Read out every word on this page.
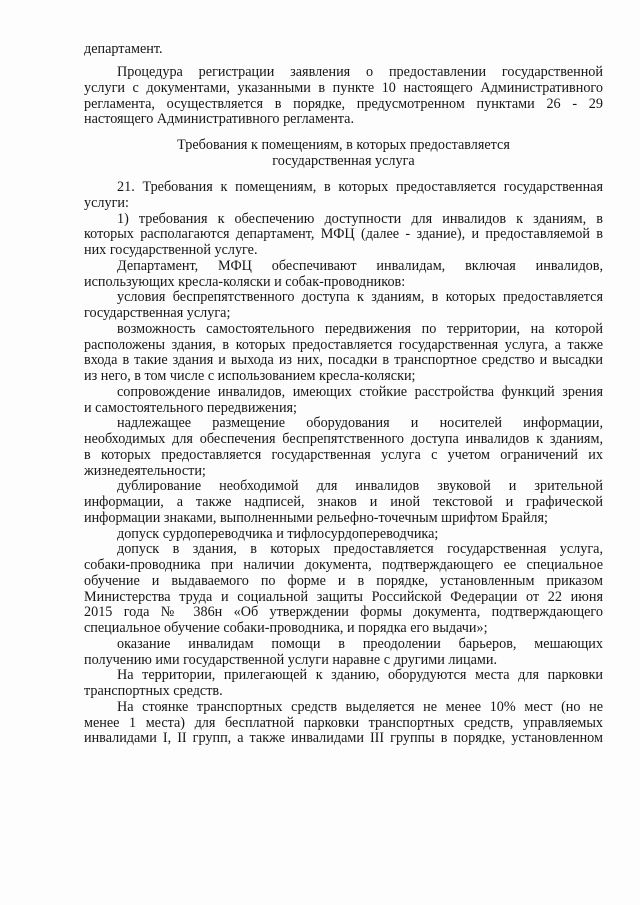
департамент.
Процедура регистрации заявления о предоставлении государственной
услуги с документами, указанными в пункте 10 настоящего Административного
регламента, осуществляется в порядке, предусмотренном пунктами 26 - 29
настоящего Административного регламента.
Требования к помещениям, в которых предоставляется
государственная услуга
21. Требования к помещениям, в которых предоставляется государственная
услуги:
1) требования к обеспечению доступности для инвалидов к зданиям, в
которых располагаются департамент, МФЦ (далее - здание), и предоставляемой в
них государственной услуге.
Департамент, МФЦ обеспечивают инвалидам, включая инвалидов,
использующих кресла-коляски и собак-проводников:
условия беспрепятственного доступа к зданиям, в которых предоставляется
государственная услуга;
возможность самостоятельного передвижения по территории, на которой
расположены здания, в которых предоставляется государственная услуга, а также
входа в такие здания и выхода из них, посадки в транспортное средство и высадки
из него, в том числе с использованием кресла-коляски;
сопровождение инвалидов, имеющих стойкие расстройства функций зрения
и самостоятельного передвижения;
надлежащее размещение оборудования и носителей информации,
необходимых для обеспечения беспрепятственного доступа инвалидов к зданиям,
в которых предоставляется государственная услуга с учетом ограничений их
жизнедеятельности;
дублирование необходимой для инвалидов звуковой и зрительной
информации, а также надписей, знаков и иной текстовой и графической
информации знаками, выполненными рельефно-точечным шрифтом Брайля;
допуск сурдопереводчика и тифлосурдопереводчика;
допуск в здания, в которых предоставляется государственная услуга,
собаки-проводника при наличии документа, подтверждающего ее специальное
обучение и выдаваемого по форме и в порядке, установленным приказом
Министерства труда и социальной защиты Российской Федерации от 22 июня
2015 года № 386н «Об утверждении формы документа, подтверждающего
специальное обучение собаки-проводника, и порядка его выдачи»;
оказание инвалидам помощи в преодолении барьеров, мешающих
получению ими государственной услуги наравне с другими лицами.
На территории, прилегающей к зданию, оборудуются места для парковки
транспортных средств.
На стоянке транспортных средств выделяется не менее 10% мест (но не
менее 1 места) для бесплатной парковки транспортных средств, управляемых
инвалидами I, II групп, а также инвалидами III группы в порядке, установленном
